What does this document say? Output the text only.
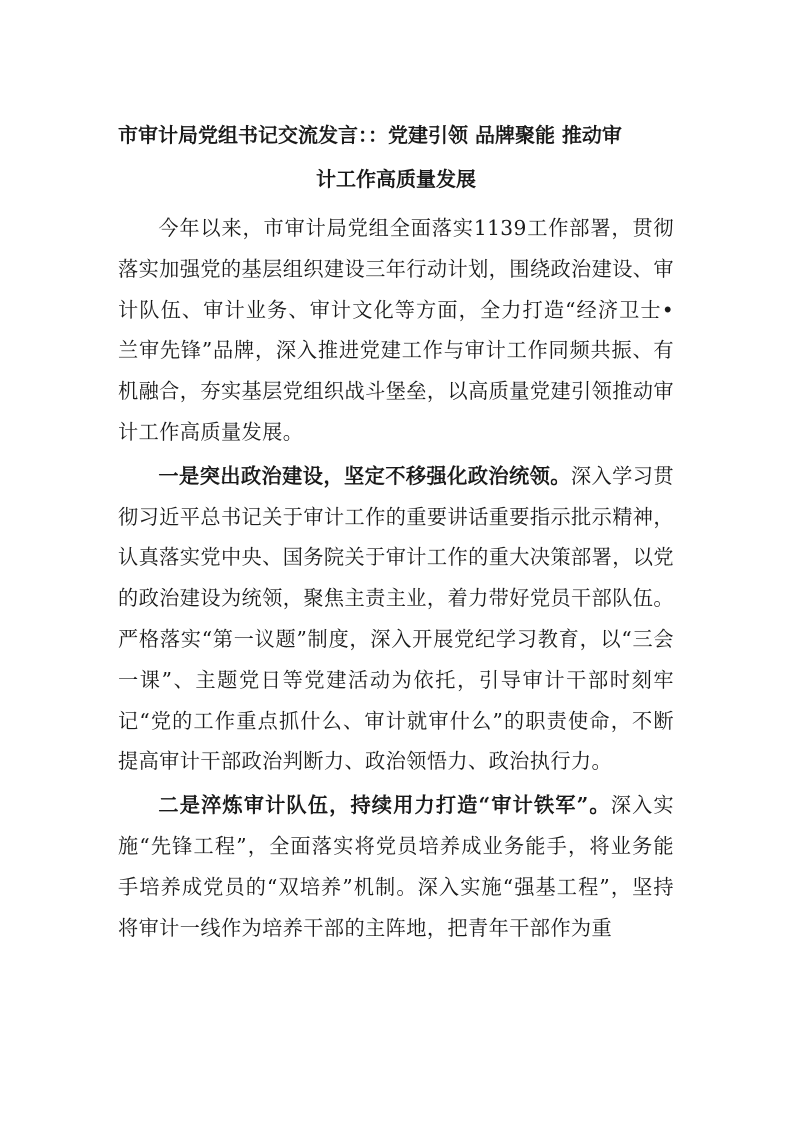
市审计局党组书记交流发言：：党建引领 品牌聚能 推动审
计工作高质量发展

今年以来，市审计局党组全面落实1139工作部署，贯彻落实加强党的基层组织建设三年行动计划，围绕政治建设、审计队伍、审计业务、审计文化等方面，全力打造“经济卫士•兰审先锋”品牌，深入推进党建工作与审计工作同频共振、有机融合，夯实基层党组织战斗堡垒，以高质量党建引领推动审计工作高质量发展。

一是突出政治建设，坚定不移强化政治统领。深入学习贯彻习近平总书记关于审计工作的重要讲话重要指示批示精神，认真落实党中央、国务院关于审计工作的重大决策部署，以党的政治建设为统领，聚焦主责主业，着力带好党员干部队伍。严格落实“第一议题”制度，深入开展党纪学习教育，以“三会一课”、主题党日等党建活动为依托，引导审计干部时刻牢记“党的工作重点抓什么、审计就审什么”的职责使命，不断提高审计干部政治判断力、政治领悟力、政治执行力。

二是淬炼审计队伍，持续用力打造“审计铁军”。深入实施“先锋工程”，全面落实将党员培养成业务能手，将业务能手培养成党员的“双培养”机制。深入实施“强基工程”，坚持将审计一线作为培养干部的主阵地，把青年干部作为重
